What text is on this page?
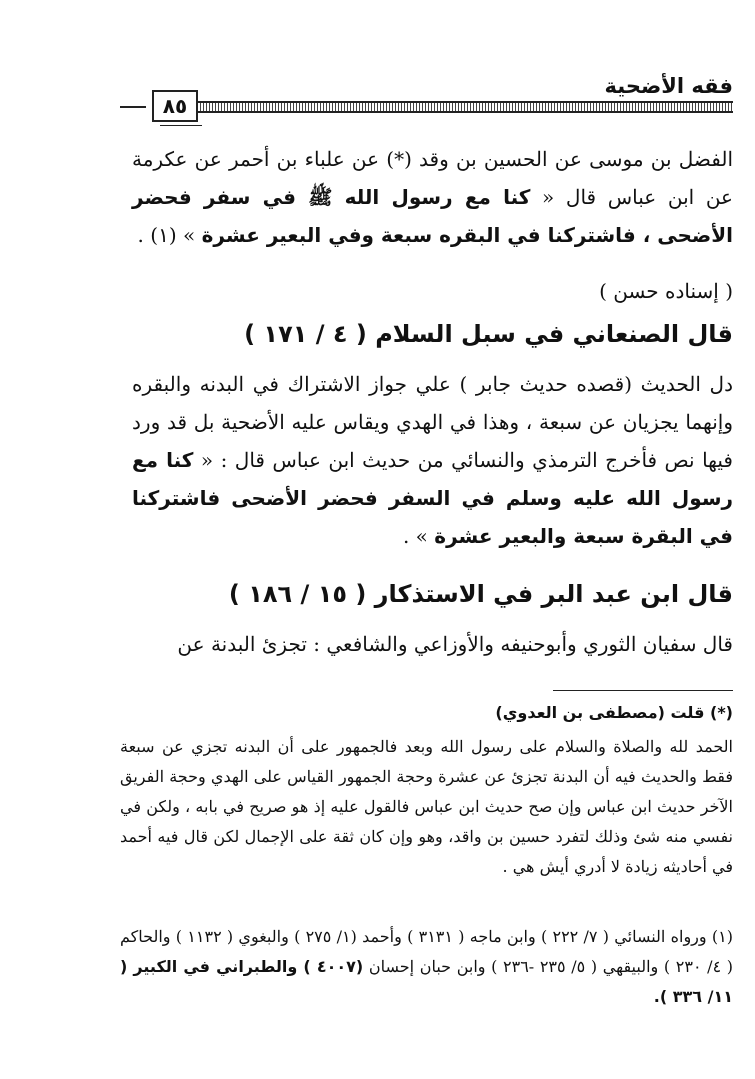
فقه الأضحية
٨٥
الفضل بن موسى عن الحسين بن وقد (*) عن علباء بن أحمر عن عكرمة عن ابن عباس قال « كنا مع رسول الله ﷺ في سفر فحضر الأضحى ، فاشتركنا في البقره سبعة وفي البعير عشرة » (١) .
( إسناده حسن )
قال الصنعاني في سبل السلام ( ٤ / ١٧١ )
دل الحديث (قصده حديث جابر ) علي جواز الاشتراك في البدنه والبقره وإنهما يجزيان عن سبعة ، وهذا في الهدي ويقاس عليه الأضحية بل قد ورد فيها نص فأخرج الترمذي والنسائي من حديث ابن عباس قال : « كنا مع رسول الله عليه وسلم في السفر فحضر الأضحى فاشتركنا في البقرة سبعة والبعير عشرة » .
قال ابن عبد البر في الاستذكار ( ١٥ / ١٨٦ )
قال سفيان الثوري وأبوحنيفه والأوزاعي والشافعي : تجزئ البدنة عن
(*) قلت (مصطفى بن العدوي)
الحمد لله والصلاة والسلام على رسول الله وبعد فالجمهور على أن البدنه تجزي عن سبعة فقط والحديث فيه أن البدنة تجزئ عن عشرة وحجة الجمهور القياس على الهدي وحجة الفريق الآخر حديث ابن عباس وإن صح حديث ابن عباس فالقول عليه إذ هو صريح في بابه ، ولكن في نفسي منه شئ وذلك لتفرد حسين بن واقد، وهو وإن كان ثقة على الإجمال لكن قال فيه أحمد في أحاديثه زيادة لا أدري أيش هي .
(١) ورواه النسائي ( ٧/ ٢٢٢ ) وابن ماجه ( ٣١٣١ ) وأحمد (١/ ٢٧٥ ) والبغوي ( ١١٣٢ ) والحاكم ( ٤/ ٢٣٠ ) والبيقهي ( ٥/ ٢٣٥ -٢٣٦ ) وابن حبان إحسان (٤٠٠٧ ) والطبراني في الكبير ( ١١/ ٣٣٦ ).
